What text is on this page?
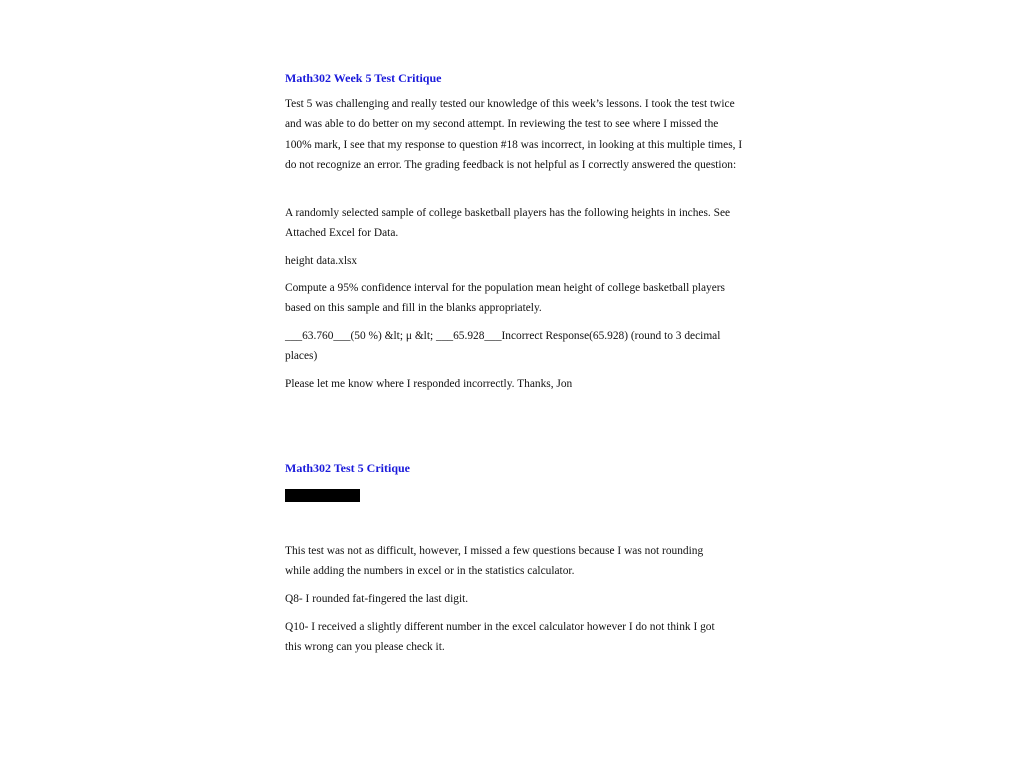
Math302 Week 5 Test Critique

Test 5 was challenging and really tested our knowledge of this week’s lessons. I took the test twice and was able to do better on my second attempt. In reviewing the test to see where I missed the 100% mark, I see that my response to question #18 was incorrect, in looking at this multiple times, I do not recognize an error. The grading feedback is not helpful as I correctly answered the question:

A randomly selected sample of college basketball players has the following heights in inches. See Attached Excel for Data.

height data.xlsx

Compute a 95% confidence interval for the population mean height of college basketball players based on this sample and fill in the blanks appropriately.

___63.760___(50 %) &lt; μ &lt; ___65.928___Incorrect Response(65.928) (round to 3 decimal places)

Please let me know where I responded incorrectly. Thanks, Jon

Math302 Test 5 Critique

This test was not as difficult, however, I missed a few questions because I was not rounding while adding the numbers in excel or in the statistics calculator.

Q8- I rounded fat-fingered the last digit.

Q10- I received a slightly different number in the excel calculator however I do not think I got this wrong can you please check it.
